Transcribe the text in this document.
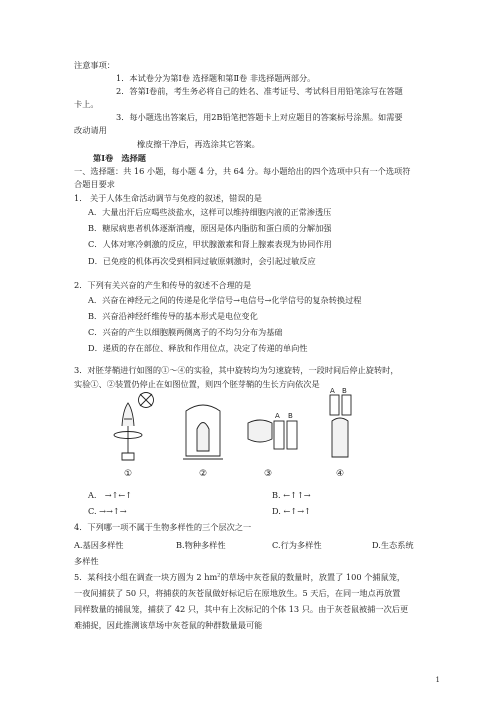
注意事项：
1．本试卷分为第Ⅰ卷 选择题和第Ⅱ卷 非选择题两部分。
2．答第Ⅰ卷前，考生务必将自己的姓名、准考证号、考试科目用铅笔涂写在答题
卡上。
3．每小题选出答案后，用2B铅笔把答题卡上对应题目的答案标号涂黑。如需要
改动请用
橡皮擦干净后，再选涂其它答案。
第Ⅰ卷　选择题
一、选择题：共 16 小题，每小题 4 分，共 64 分。每小题给出的四个选项中只有一个选项符
合题目要求
1． 关于人体生命活动调节与免疫的叙述，错误的是
A．大量出汗后应喝些淡盐水，这样可以维持细胞内液的正常渗透压
B．糖尿病患者机体逐渐消瘦，原因是体内脂肪和蛋白质的分解加强
C．人体对寒冷刺激的反应，甲状腺激素和肾上腺素表现为协同作用
D．已免疫的机体再次受到相同过敏原刺激时，会引起过敏反应
2．下列有关兴奋的产生和传导的叙述不合理的是
A．兴奋在神经元之间的传递是化学信号→电信号→化学信号的复杂转换过程
B．兴奋沿神经纤维传导的基本形式是电位变化
C．兴奋的产生以细胞膜两侧离子的不均匀分布为基础
D．递质的存在部位、释放和作用位点，决定了传递的单向性
3．对胚芽鞘进行如图的①～④的实验，其中旋转均为匀速旋转，一段时间后停止旋转时，
实验①、②装置仍停止在如图位置，则四个胚芽鞘的生长方向依次是
A B
A B
①	②	③	④
A.　→↑←↑	B. ←↑↑→
C. →→↑→	D. ←↑→↑
4．下列哪一项不属于生物多样性的三个层次之一
A.基因多样性	B.物种多样性	C.行为多样性	D.生态系统
多样性
5．某科技小组在调查一块方圆为 2 $hm^2$的草场中灰苍鼠的数量时，放置了 100 个捕鼠笼，
一夜间捕获了 50 只，将捕获的灰苍鼠做好标记后在原地放生。5 天后，在同一地点再放置
同样数量的捕鼠笼，捕获了 42 只，其中有上次标记的个体 13 只。由于灰苍鼠被捕一次后更
难捕捉，因此推测该草场中灰苍鼠的种群数量最可能
1
